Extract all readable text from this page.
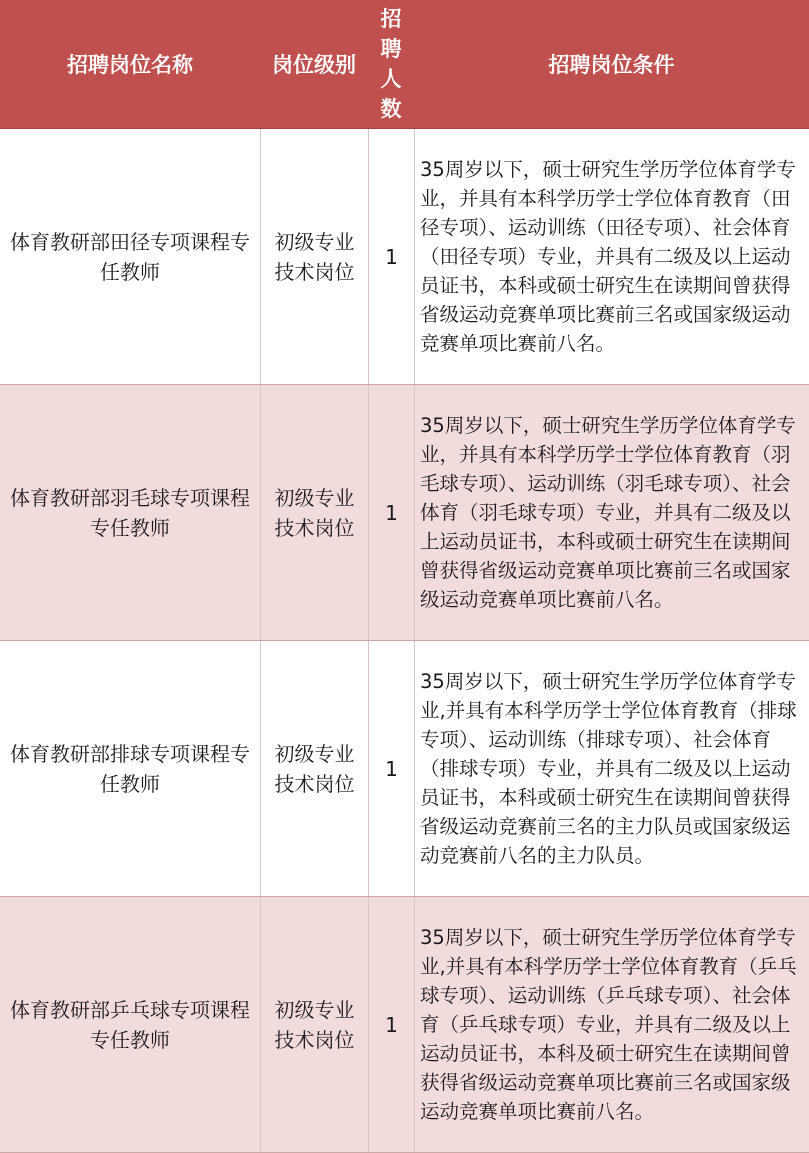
招聘岗位名称	岗位级别
招
聘
人
数
招聘岗位条件
体育教研部田径专项课程专任教师
初级专业
技术岗位
1
35周岁以下，硕士研究生学历学位体育学专业，并具有本科学历学士学位体育教育（田径专项）、运动训练（田径专项）、社会体育（田径专项）专业，并具有二级及以上运动员证书，本科或硕士研究生在读期间曾获得省级运动竞赛单项比赛前三名或国家级运动竞赛单项比赛前八名。
体育教研部羽毛球专项课程专任教师
初级专业
技术岗位
1
35周岁以下，硕士研究生学历学位体育学专业，并具有本科学历学士学位体育教育（羽毛球专项）、运动训练（羽毛球专项）、社会体育（羽毛球专项）专业，并具有二级及以上运动员证书，本科或硕士研究生在读期间曾获得省级运动竞赛单项比赛前三名或国家级运动竞赛单项比赛前八名。
体育教研部排球专项课程专任教师
初级专业
技术岗位
1
35周岁以下，硕士研究生学历学位体育学专业,并具有本科学历学士学位体育教育（排球专项）、运动训练（排球专项）、社会体育（排球专项）专业，并具有二级及以上运动员证书，本科或硕士研究生在读期间曾获得省级运动竞赛前三名的主力队员或国家级运动竞赛前八名的主力队员。
体育教研部乒乓球专项课程专任教师
初级专业
技术岗位
1
35周岁以下，硕士研究生学历学位体育学专业,并具有本科学历学士学位体育教育（乒乓球专项）、运动训练（乒乓球专项）、社会体育（乒乓球专项）专业，并具有二级及以上运动员证书，本科及硕士研究生在读期间曾获得省级运动竞赛单项比赛前三名或国家级运动竞赛单项比赛前八名。
